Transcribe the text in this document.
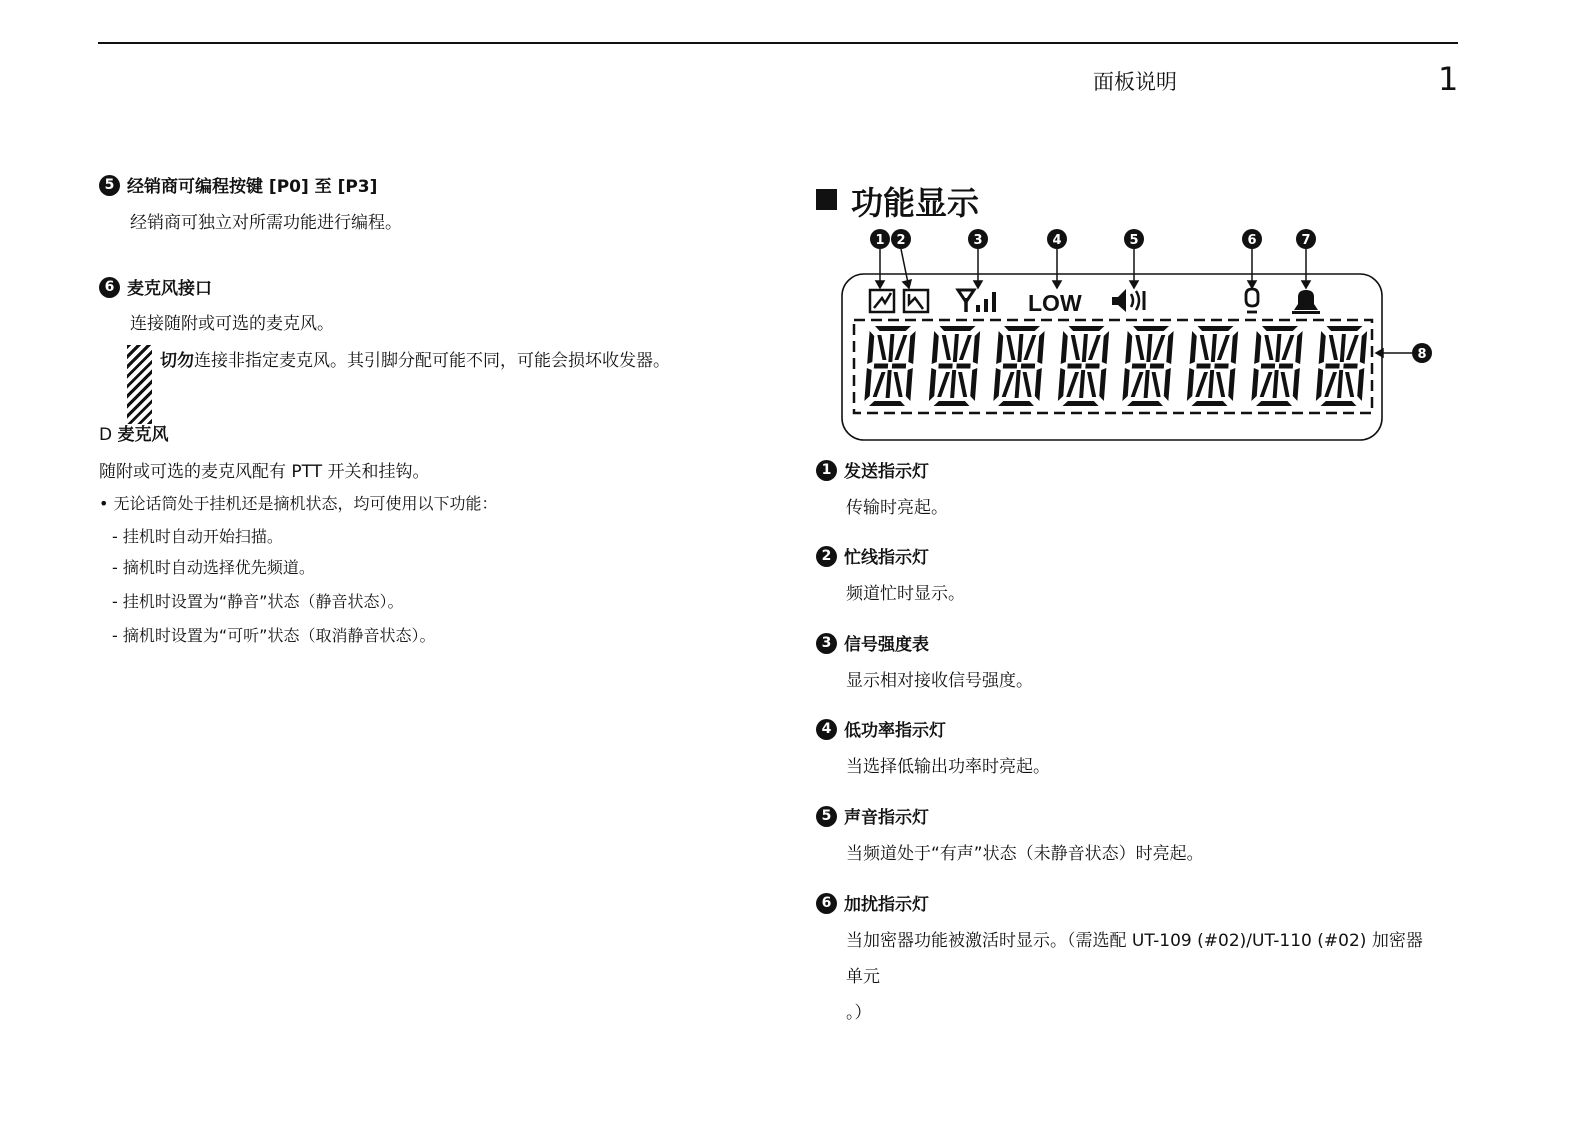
面板说明	1
5 经销商可编程按键 [P0] 至 [P3]
经销商可独立对所需功能进行编程。
6 麦克风接口
连接随附或可选的麦克风。
切勿连接非指定麦克风。其引脚分配可能不同，可能会损坏收发器。
D 麦克风
随附或可选的麦克风配有 PTT 开关和挂钩。
• 无论话筒处于挂机还是摘机状态，均可使用以下功能：
- 挂机时自动开始扫描。
- 摘机时自动选择优先频道。
- 挂机时设置为“静音”状态（静音状态）。
- 摘机时设置为“可听”状态（取消静音状态）。
功能显示
1 2	3	4	5	6	7
8
LOW
1 发送指示灯
传输时亮起。
2 忙线指示灯
频道忙时显示。
3 信号强度表
显示相对接收信号强度。
4 低功率指示灯
当选择低输出功率时亮起。
5 声音指示灯
当频道处于“有声”状态（未静音状态）时亮起。
6 加扰指示灯
当加密器功能被激活时显示。（需选配 UT-109 (#02)/UT-110 (#02) 加密器
单元
。）
